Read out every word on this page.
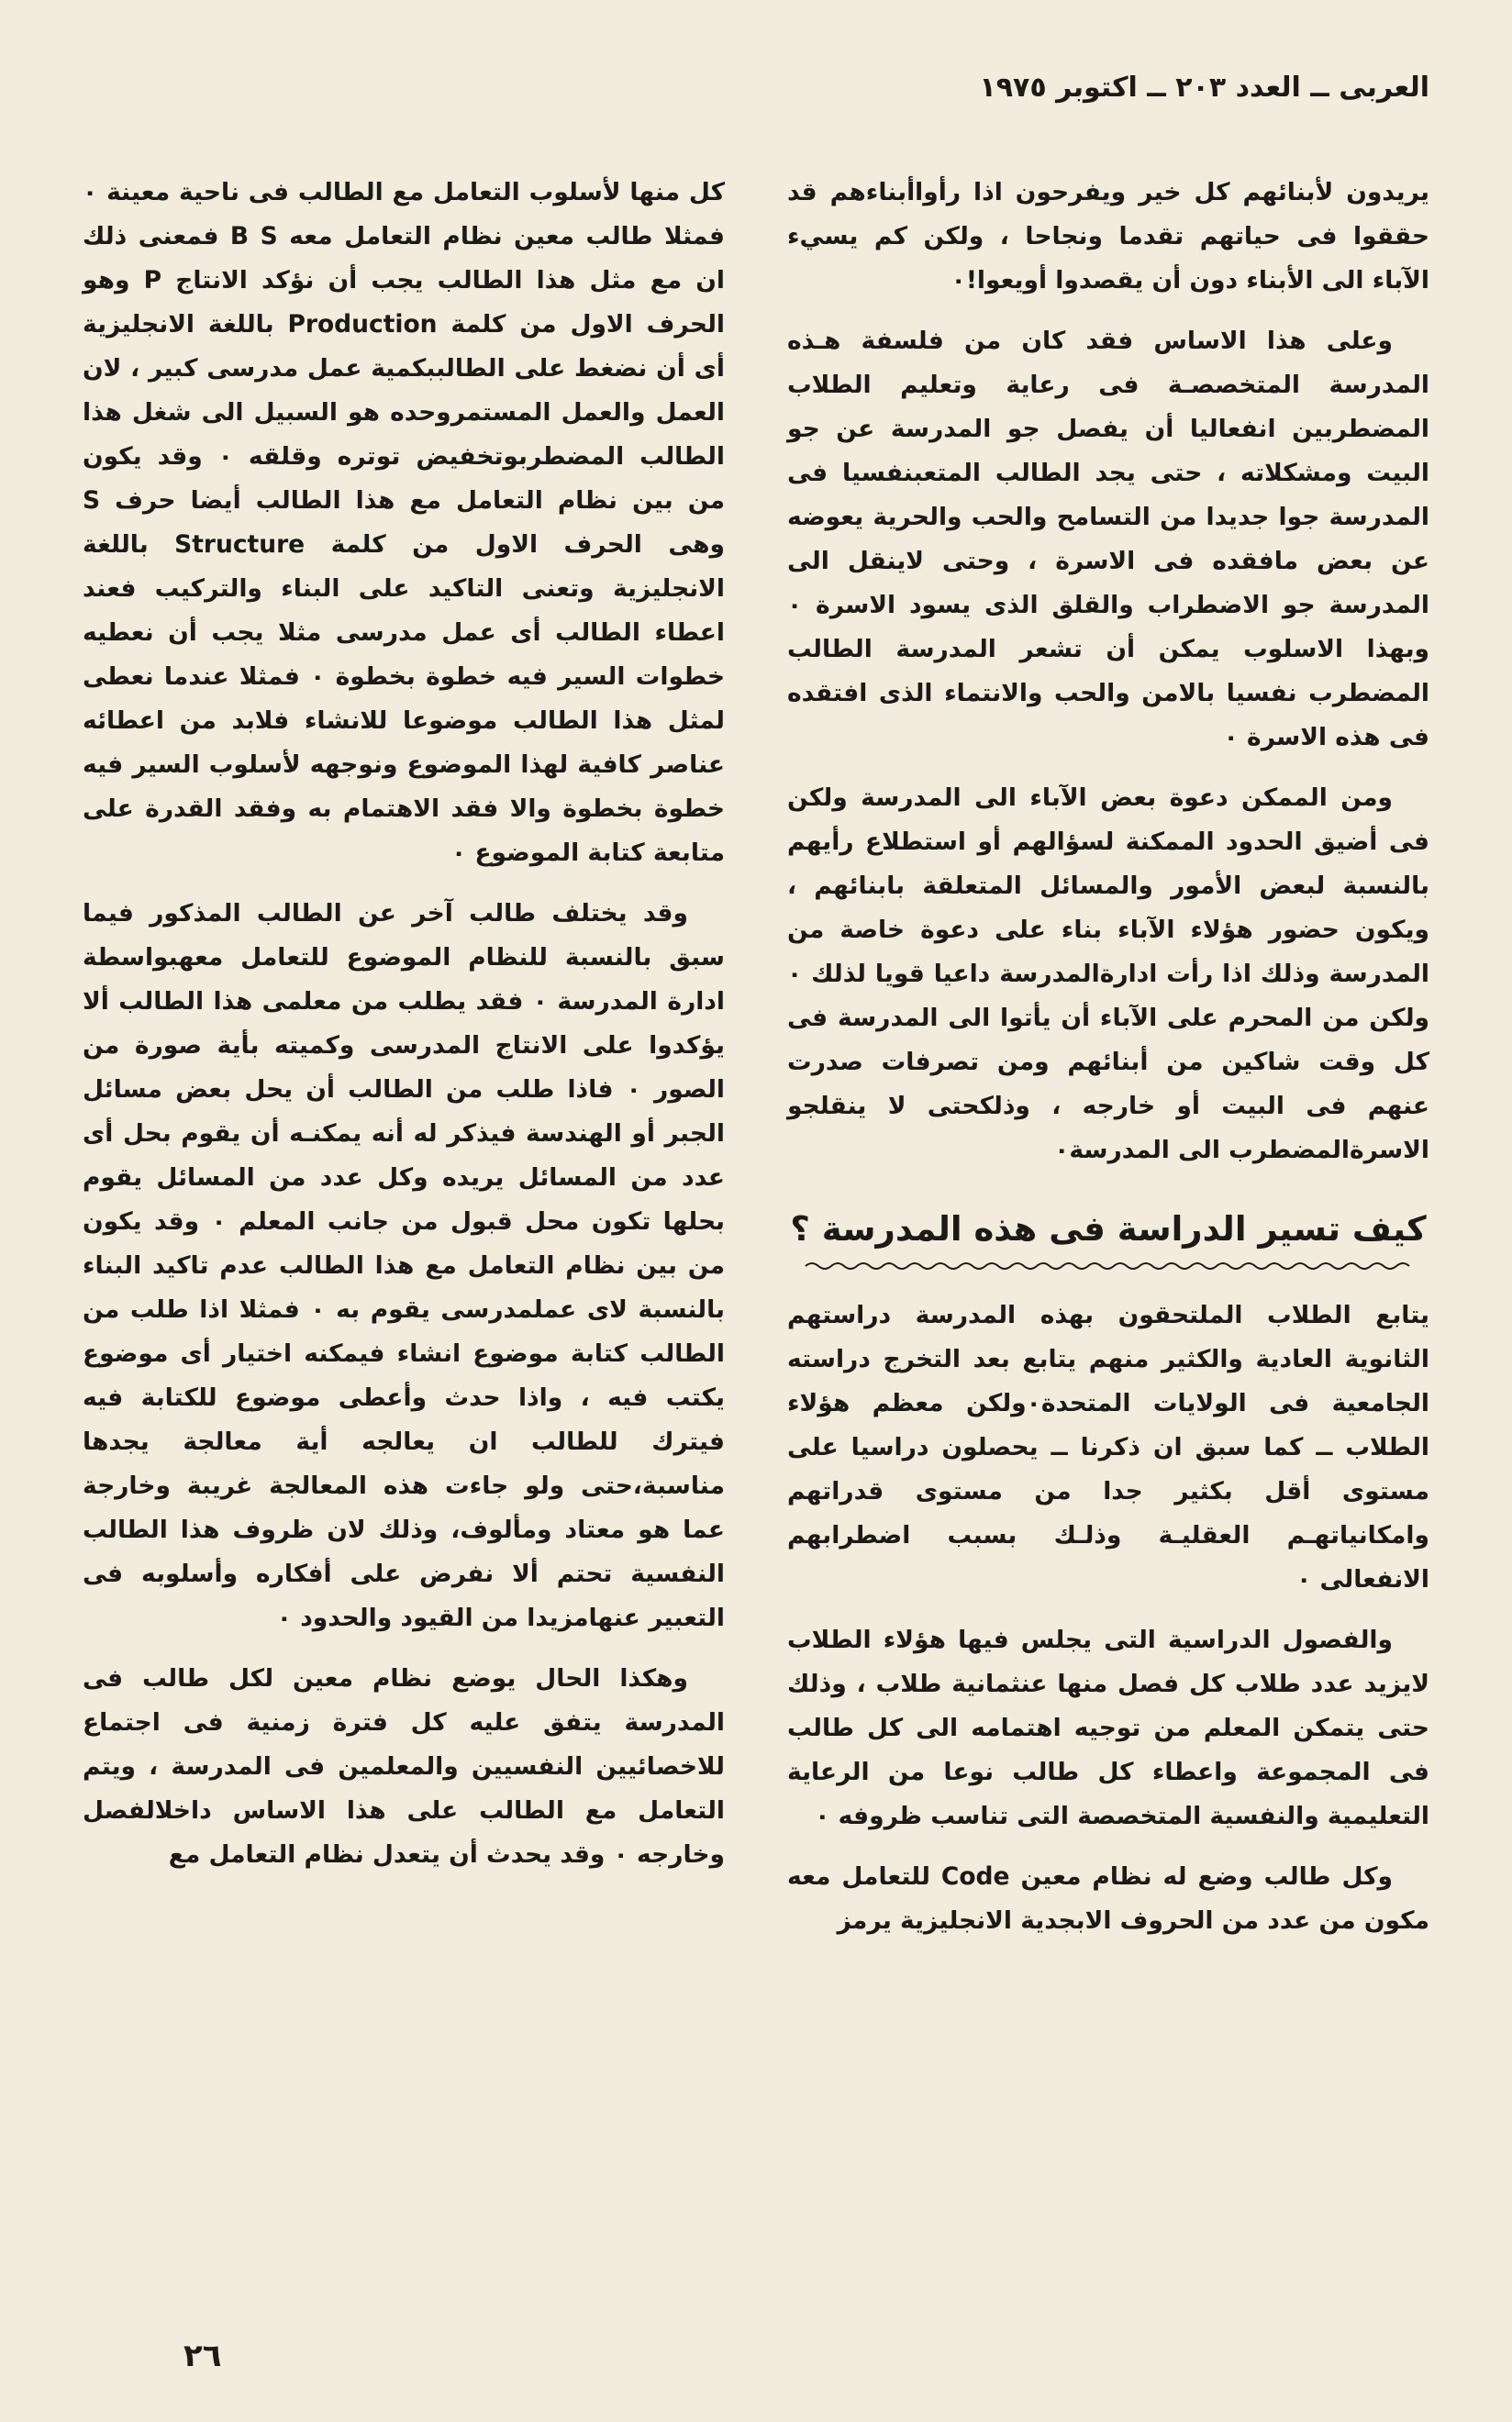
العربى ــ العدد ٢٠٣ ــ اكتوبر ١٩٧٥

يريدون لأبنائهم كل خير ويفرحون اذا رأواأبناءهم قد حققوا فى حياتهم تقدما ونجاحا ، ولكن كم يسيء الآباء الى الأبناء دون أن يقصدوا أويعوا!٠

وعلى هذا الاساس فقد كان من فلسفة هـذه المدرسة المتخصصـة فى رعاية وتعليم الطلاب المضطربين انفعاليا أن يفصل جو المدرسة عن جو البيت ومشكلاته ، حتى يجد الطالب المتعبنفسيا فى المدرسة جوا جديدا من التسامح والحب والحرية يعوضه عن بعض مافقده فى الاسرة ، وحتى لاينقل الى المدرسة جو الاضطراب والقلق الذى يسود الاسرة ٠ وبهذا الاسلوب يمكن أن تشعر المدرسة الطالب المضطرب نفسيا بالامن والحب والانتماء الذى افتقده فى هذه الاسرة ٠

ومن الممكن دعوة بعض الآباء الى المدرسة ولكن فى أضيق الحدود الممكنة لسؤالهم أو استطلاع رأيهم بالنسبة لبعض الأمور والمسائل المتعلقة بابنائهم ، ويكون حضور هؤلاء الآباء بناء على دعوة خاصة من المدرسة وذلك اذا رأت ادارةالمدرسة داعيا قويا لذلك ٠ ولكن من المحرم على الآباء أن يأتوا الى المدرسة فى كل وقت شاكين من أبنائهم ومن تصرفات صدرت عنهم فى البيت أو خارجه ، وذلكحتى لا ينقلجو الاسرةالمضطرب الى المدرسة٠

كيف تسير الدراسة فى هذه المدرسة ؟

يتابع الطلاب الملتحقون بهذه المدرسة دراستهم الثانوية العادية والكثير منهم يتابع بعد التخرج دراسته الجامعية فى الولايات المتحدة٠ولكن معظم هؤلاء الطلاب ــ كما سبق ان ذكرنا ــ يحصلون دراسيا على مستوى أقل بكثير جدا من مستوى قدراتهم وامكانياتهـم العقليـة وذلـك بسبب اضطرابهم الانفعالى ٠

والفصول الدراسية التى يجلس فيها هؤلاء الطلاب لايزيد عدد طلاب كل فصل منها عنثمانية طلاب ، وذلك حتى يتمكن المعلم من توجيه اهتمامه الى كل طالب فى المجموعة واعطاء كل طالب نوعا من الرعاية التعليمية والنفسية المتخصصة التى تناسب ظروفه ٠

وكل طالب وضع له نظام معين Code للتعامل معه مكون من عدد من الحروف الابجدية الانجليزية يرمز

كل منها لأسلوب التعامل مع الطالب فى ناحية معينة ٠ فمثلا طالب معين نظام التعامل معه B S فمعنى ذلك ان مع مثل هذا الطالب يجب أن نؤكد الانتاج P وهو الحرف الاول من كلمة Production باللغة الانجليزية أى أن نضغط على الطالببكمية عمل مدرسى كبير ، لان العمل والعمل المستمروحده هو السبيل الى شغل هذا الطالب المضطربوتخفيض توتره وقلقه ٠ وقد يكون من بين نظام التعامل مع هذا الطالب أيضا حرف S وهى الحرف الاول من كلمة Structure باللغة الانجليزية وتعنى التاكيد على البناء والتركيب فعند اعطاء الطالب أى عمل مدرسى مثلا يجب أن نعطيه خطوات السير فيه خطوة بخطوة ٠ فمثلا عندما نعطى لمثل هذا الطالب موضوعا للانشاء فلابد من اعطائه عناصر كافية لهذا الموضوع ونوجهه لأسلوب السير فيه خطوة بخطوة والا فقد الاهتمام به وفقد القدرة على متابعة كتابة الموضوع ٠

وقد يختلف طالب آخر عن الطالب المذكور فيما سبق بالنسبة للنظام الموضوع للتعامل معهبواسطة ادارة المدرسة ٠ فقد يطلب من معلمى هذا الطالب ألا يؤكدوا على الانتاج المدرسى وكميته بأية صورة من الصور ٠ فاذا طلب من الطالب أن يحل بعض مسائل الجبر أو الهندسة فيذكر له أنه يمكنـه أن يقوم بحل أى عدد من المسائل يريده وكل عدد من المسائل يقوم بحلها تكون محل قبول من جانب المعلم ٠ وقد يكون من بين نظام التعامل مع هذا الطالب عدم تاكيد البناء بالنسبة لاى عملمدرسى يقوم به ٠ فمثلا اذا طلب من الطالب كتابة موضوع انشاء فيمكنه اختيار أى موضوع يكتب فيه ، واذا حدث وأعطى موضوع للكتابة فيه فيترك للطالب ان يعالجه أية معالجة يجدها مناسبة،حتى ولو جاءت هذه المعالجة غريبة وخارجة عما هو معتاد ومألوف، وذلك لان ظروف هذا الطالب النفسية تحتم ألا نفرض على أفكاره وأسلوبه فى التعبير عنهامزيدا من القيود والحدود ٠

وهكذا الحال يوضع نظام معين لكل طالب فى المدرسة يتفق عليه كل فترة زمنية فى اجتماع للاخصائيين النفسيين والمعلمين فى المدرسة ، ويتم التعامل مع الطالب على هذا الاساس داخلالفصل وخارجه ٠ وقد يحدث أن يتعدل نظام التعامل مع

٢٦
